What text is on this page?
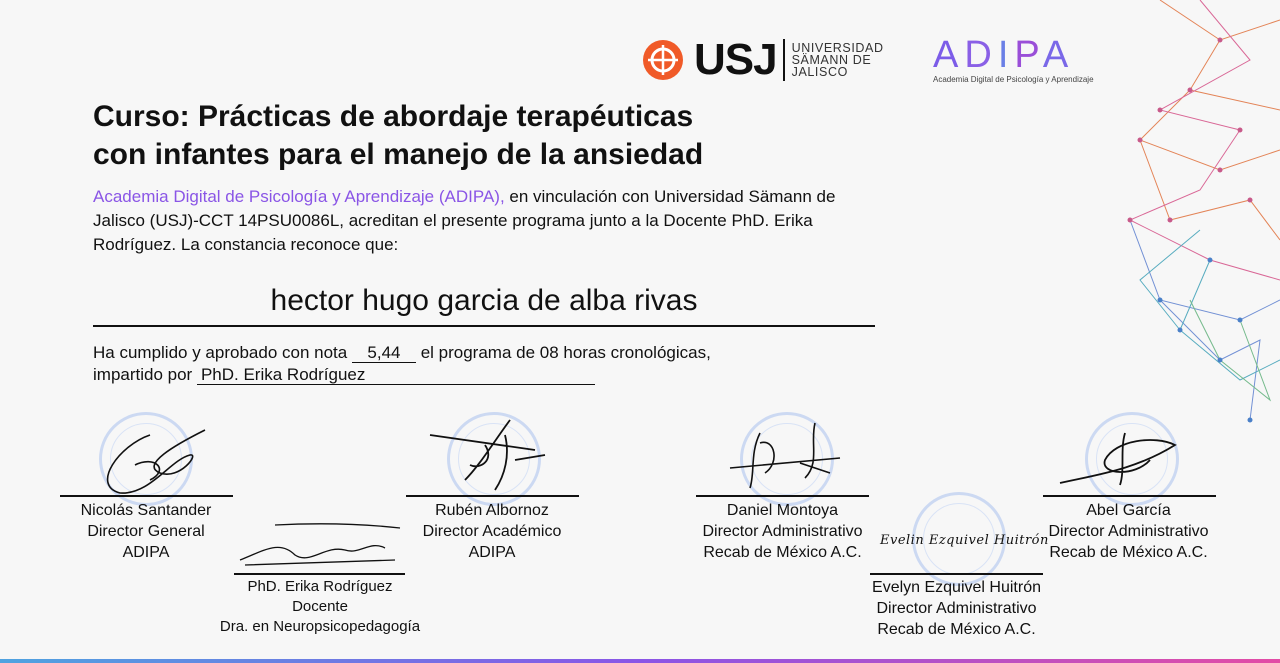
USJ UNIVERSIDAD
SÄMANN DE
JALISCO	ADIPA
Academia Digital de Psicología y Aprendizaje
Curso: Prácticas de abordaje terapéuticas
con infantes para el manejo de la ansiedad
Academia Digital de Psicología y Aprendizaje (ADIPA), en vinculación con Universidad Sämann de Jalisco (USJ)-CCT 14PSU0086L, acreditan el presente programa junto a la Docente PhD. Erika Rodríguez. La constancia reconoce que:
hector hugo garcia de alba rivas
Ha cumplido y aprobado con nota 5,44 el programa de 08 horas cronológicas,
impartido por PhD. Erika Rodríguez
Evelin Ezquivel Huitrón
Nicolás Santander
Director General
ADIPA
Rubén Albornoz
Director Académico
ADIPA
PhD. Erika Rodríguez
Docente
Dra. en Neuropsicopedagogía
Daniel Montoya
Director Administrativo
Recab de México A.C.
Abel García
Director Administrativo
Recab de México A.C.
Evelyn Ezquivel Huitrón
Director Administrativo
Recab de México A.C.
